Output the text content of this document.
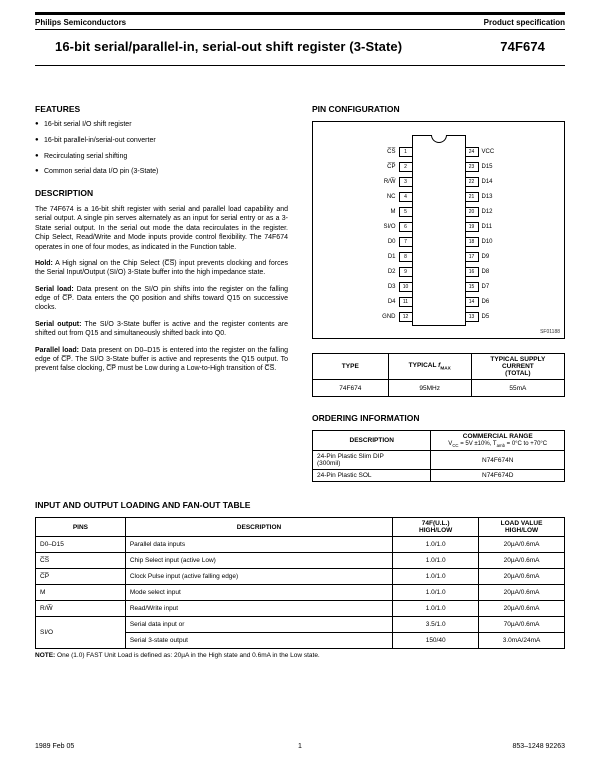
Philips Semiconductors	Product specification
16-bit serial/parallel-in, serial-out shift register (3-State)	74F674
FEATURES
● 16-bit serial I/O shift register
● 16-bit parallel-in/serial-out converter
● Recirculating serial shifting
● Common serial data I/O pin (3-State)
DESCRIPTION

The 74F674 is a 16-bit shift register with serial and parallel load capability and serial output. A single pin serves alternately as an input for serial entry or as a 3-State serial output. In the serial out mode the data recirculates in the register. Chip Select, Read/Write and Mode inputs provide control flexibility. The 74F674 operates in one of four modes, as indicated in the Function table.

Hold: A High signal on the Chip Select (C̅S̅) input prevents clocking and forces the Serial Input/Output (SI/O) 3-State buffer into the high impedance state.

Serial load: Data present on the SI/O pin shifts into the register on the falling edge of C̅P̅. Data enters the Q0 position and shifts toward Q15 on successive clocks.

Serial output: The SI/O 3-State buffer is active and the register contents are shifted out from Q15 and simultaneously shifted back into Q0.

Parallel load: Data present on D0–D15 is entered into the register on the falling edge of C̅P̅. The SI/O 3-State buffer is active and represents the Q15 output. To prevent false clocking, C̅P̅ must be Low during a Low-to-High transition of C̅S̅.

PIN CONFIGURATION
C̅S̅	1
C̅P̅	2
R/W̅	3
NC	4
M	5
SI/O	6
D0	7
D1	8
D2	9
D3	10
D4	11
GND	12
24	VCC
23	D15
22	D14
21	D13
20	D12
19	D11
18	D10
17	D9
16	D8
15	D7
14	D6
13	D5
SF01188
TYPE	TYPICAL $f_{MAX}$	TYPICAL SUPPLY
CURRENT
(TOTAL)

74F674	95MHz	55mA
ORDERING INFORMATION
DESCRIPTION	COMMERCIAL RANGE
$V_{CC} = 5V \pm 10\%$, $T_{amb} = 0^\circ C$ to +70°C

24-Pin Plastic Slim DIP
(300mil)	N74F674N

24-Pin Plastic SOL	N74F674D
INPUT AND OUTPUT LOADING AND FAN-OUT TABLE
PINS	DESCRIPTION	74F(U.L.)
HIGH/LOW

LOAD VALUE
HIGH/LOW

D0–D15	Parallel data inputs	1.0/1.0	20µA/0.6mA
C̅S̅	Chip Select input (active Low)	1.0/1.0	20µA/0.6mA
C̅P̅	Clock Pulse input (active falling edge)	1.0/1.0	20µA/0.6mA
M	Mode select input	1.0/1.0	20µA/0.6mA
R/W̅	Read/Write input	1.0/1.0	20µA/0.6mA
SI/O	Serial data input or	3.5/1.0	70µA/0.6mA
	Serial 3-state output	150/40	3.0mA/24mA
NOTE: One (1.0) FAST Unit Load is defined as: 20µA in the High state and 0.6mA in the Low state.
1989 Feb 05	1	853–1248 92263
